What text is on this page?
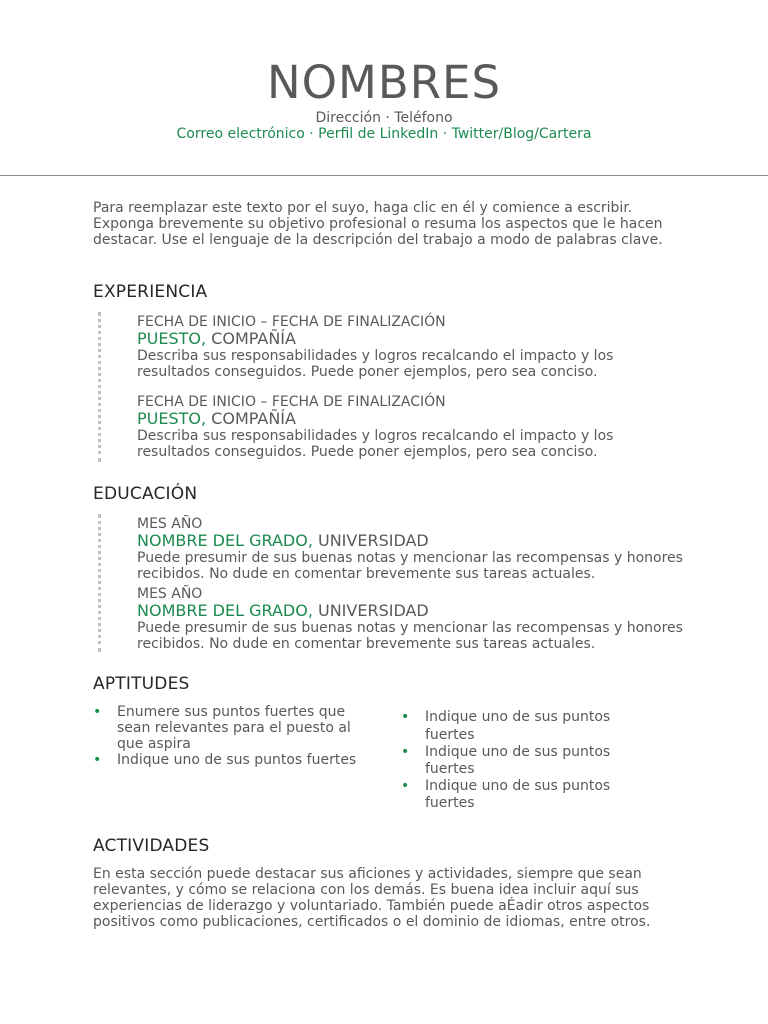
NOMBRES
Dirección · Teléfono
Correo electrónico · Perfil de LinkedIn · Twitter/Blog/Cartera

Para reemplazar este texto por el suyo, haga clic en él y comience a escribir. Exponga brevemente su objetivo profesional o resuma los aspectos que le hacen destacar. Use el lenguaje de la descripción del trabajo a modo de palabras clave.

EXPERIENCIA

FECHA DE INICIO – FECHA DE FINALIZACIÓN

PUESTO, COMPAÑÍA

Describa sus responsabilidades y logros recalcando el impacto y los resultados conseguidos. Puede poner ejemplos, pero sea conciso.

FECHA DE INICIO – FECHA DE FINALIZACIÓN

PUESTO, COMPAÑÍA

Describa sus responsabilidades y logros recalcando el impacto y los resultados conseguidos. Puede poner ejemplos, pero sea conciso.

EDUCACIÓN

MES AÑO

NOMBRE DEL GRADO, UNIVERSIDAD

Puede presumir de sus buenas notas y mencionar las recompensas y honores recibidos. No dude en comentar brevemente sus tareas actuales.

MES AÑO

NOMBRE DEL GRADO, UNIVERSIDAD

Puede presumir de sus buenas notas y mencionar las recompensas y honores recibidos. No dude en comentar brevemente sus tareas actuales.

APTITUDES
• Enumere sus puntos fuertes que sean relevantes para el puesto al que aspira
• Indique uno de sus puntos fuertes
• Indique uno de sus puntos fuertes
• Indique uno de sus puntos fuertes
• Indique uno de sus puntos fuertes
ACTIVIDADES

En esta sección puede destacar sus aficiones y actividades, siempre que sean relevantes, y cómo se relaciona con los demás. Es buena idea incluir aquí sus experiencias de liderazgo y voluntariado. También puede aÉadir otros aspectos positivos como publicaciones, certificados o el dominio de idiomas, entre otros.
